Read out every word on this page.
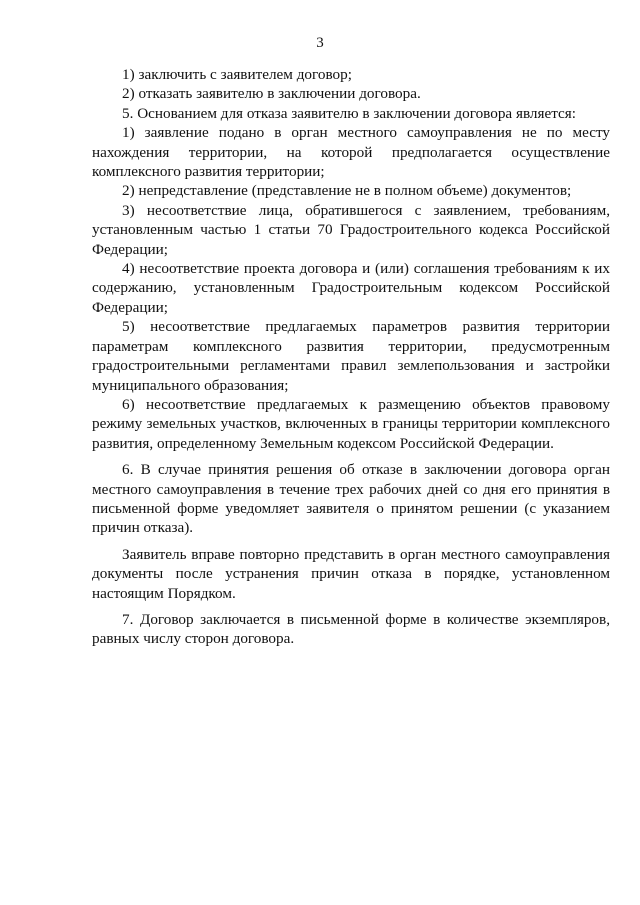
3

1) заключить с заявителем договор;

2) отказать заявителю в заключении договора.

5. Основанием для отказа заявителю в заключении договора является:

1) заявление подано в орган местного самоуправления не по месту нахождения территории, на которой предполагается осуществление комплексного развития территории;

2) непредставление (представление не в полном объеме) документов;

3) несоответствие лица, обратившегося с заявлением, требованиям, установленным частью 1 статьи 70 Градостроительного кодекса Российской Федерации;

4) несоответствие проекта договора и (или) соглашения требованиям к их содержанию, установленным Градостроительным кодексом Российской Федерации;

5) несоответствие предлагаемых параметров развития территории параметрам комплексного развития территории, предусмотренным градостроительными регламентами правил землепользования и застройки муниципального образования;

6) несоответствие предлагаемых к размещению объектов правовому режиму земельных участков, включенных в границы территории комплексного развития, определенному Земельным кодексом Российской Федерации.

6. В случае принятия решения об отказе в заключении договора орган местного самоуправления в течение трех рабочих дней со дня его принятия в письменной форме уведомляет заявителя о принятом решении (с указанием причин отказа).

Заявитель вправе повторно представить в орган местного самоуправления документы после устранения причин отказа в порядке, установленном настоящим Порядком.

7. Договор заключается в письменной форме в количестве экземпляров, равных числу сторон договора.
